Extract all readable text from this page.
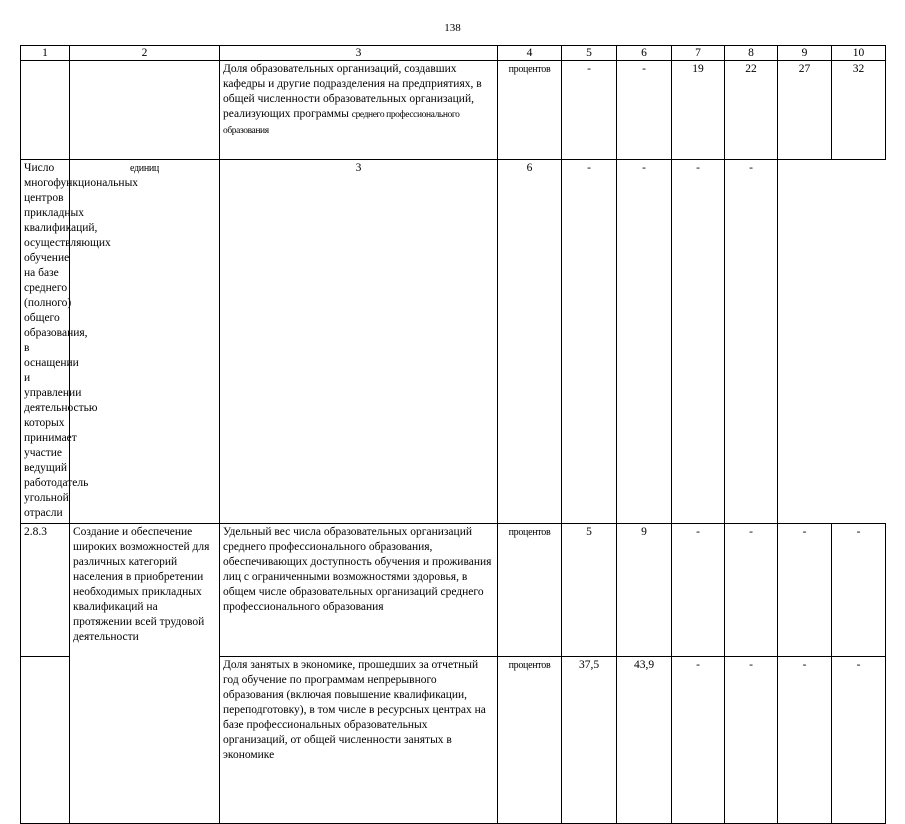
138
1	2	3	4	5	6	7	8	9	10
		Доля образовательных организаций, создавших кафедры и другие подразделения на предприятиях, в общей численности образовательных организаций, реализующих программы среднего профессионального образования	процентов	-	-	19	22	27	32
Число многофункциональных центров прикладных квалификаций, осуществляющих обучение на базе среднего (полного) общего образования, в оснащении и управлении деятельностью которых принимает участие ведущий работодатель угольной отрасли	единиц	3	6	-	-	-	-		
2.8.3	Создание и обеспечение широких возможностей для различных категорий населения в приобретении необходимых прикладных квалификаций на протяжении всей трудовой деятельности	Удельный вес числа образовательных организаций среднего профессионального образования, обеспечивающих доступность обучения и проживания лиц с ограниченными возможностями здоровья, в общем числе образовательных организаций среднего профессионального образования	процентов	5	9	-	-	-	-
		Доля занятых в экономике, прошедших за отчетный год обучение по программам непрерывного образования (включая повышение квалификации, переподготовку), в том числе в ресурсных центрах на базе профессиональных образовательных организаций, от общей численности занятых в экономике	процентов	37,5	43,9	-	-	-	-
